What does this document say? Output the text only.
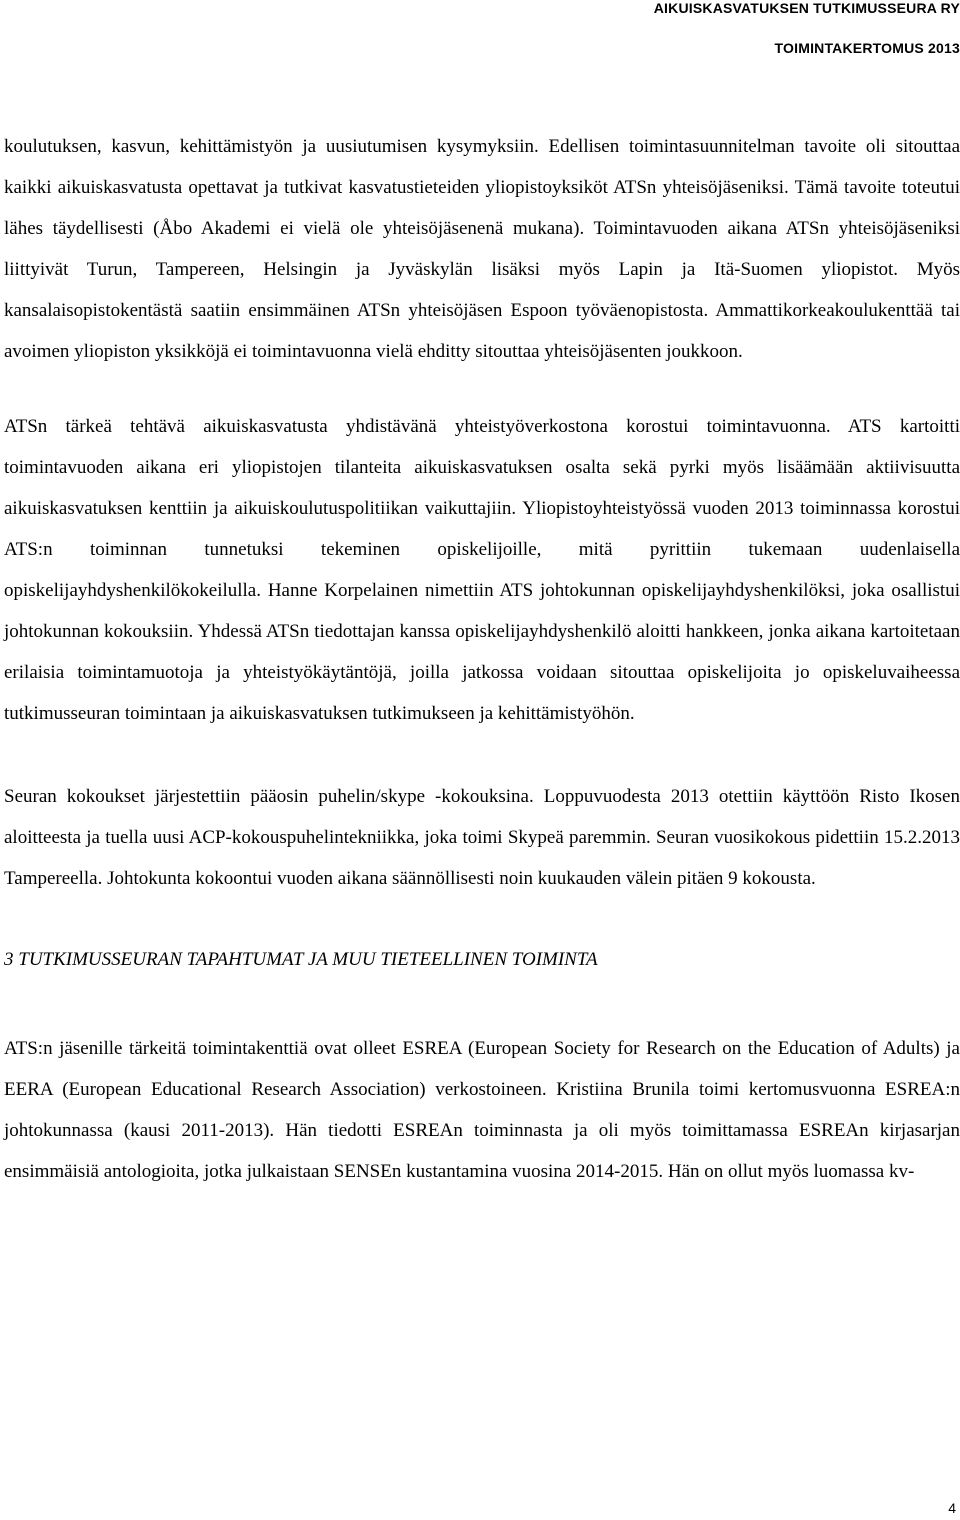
AIKUISKASVATUKSEN TUTKIMUSSEURA RY
TOIMINTAKERTOMUS 2013

koulutuksen, kasvun, kehittämistyön ja uusiutumisen kysymyksiin. Edellisen toimintasuunnitelman tavoite oli sitouttaa kaikki aikuiskasvatusta opettavat ja tutkivat kasvatustieteiden yliopistoyksiköt ATSn yhteisöjäseniksi. Tämä tavoite toteutui lähes täydellisesti (Åbo Akademi ei vielä ole yhteisöjäsenenä mukana). Toimintavuoden aikana ATSn yhteisöjäseniksi liittyivät Turun, Tampereen, Helsingin ja Jyväskylän lisäksi myös Lapin ja Itä-Suomen yliopistot. Myös kansalaisopistokentästä saatiin ensimmäinen ATSn yhteisöjäsen Espoon työväenopistosta. Ammattikorkeakoulukenttää tai avoimen yliopiston yksikköjä ei toimintavuonna vielä ehditty sitouttaa yhteisöjäsenten joukkoon.

ATSn tärkeä tehtävä aikuiskasvatusta yhdistävänä yhteistyöverkostona korostui toimintavuonna. ATS kartoitti toimintavuoden aikana eri yliopistojen tilanteita aikuiskasvatuksen osalta sekä pyrki myös lisäämään aktiivisuutta aikuiskasvatuksen kenttiin ja aikuiskoulutuspolitiikan vaikuttajiin. Yliopistoyhteistyössä vuoden 2013 toiminnassa korostui ATS:n toiminnan tunnetuksi tekeminen opiskelijoille, mitä pyrittiin tukemaan uudenlaisella opiskelijayhdyshenkilökokeilulla. Hanne Korpelainen nimettiin ATS johtokunnan opiskelijayhdyshenkilöksi, joka osallistui johtokunnan kokouksiin. Yhdessä ATSn tiedottajan kanssa opiskelijayhdyshenkilö aloitti hankkeen, jonka aikana kartoitetaan erilaisia toimintamuotoja ja yhteistyökäytäntöjä, joilla jatkossa voidaan sitouttaa opiskelijoita jo opiskeluvaiheessa tutkimusseuran toimintaan ja aikuiskasvatuksen tutkimukseen ja kehittämistyöhön.

Seuran kokoukset järjestettiin pääosin puhelin/skype -kokouksina. Loppuvuodesta 2013 otettiin käyttöön Risto Ikosen aloitteesta ja tuella uusi ACP-kokouspuhelintekniikka, joka toimi Skypeä paremmin. Seuran vuosikokous pidettiin 15.2.2013 Tampereella. Johtokunta kokoontui vuoden aikana säännöllisesti noin kuukauden välein pitäen 9 kokousta.

3 TUTKIMUSSEURAN TAPAHTUMAT JA MUU TIETEELLINEN TOIMINTA

ATS:n jäsenille tärkeitä toimintakenttiä ovat olleet ESREA (European Society for Research on the Education of Adults) ja EERA (European Educational Research Association) verkostoineen. Kristiina Brunila toimi kertomusvuonna ESREA:n johtokunnassa (kausi 2011-2013). Hän tiedotti ESREAn toiminnasta ja oli myös toimittamassa ESREAn kirjasarjan ensimmäisiä antologioita, jotka julkaistaan SENSEn kustantamina vuosina 2014-2015. Hän on ollut myös luomassa kv-

4
